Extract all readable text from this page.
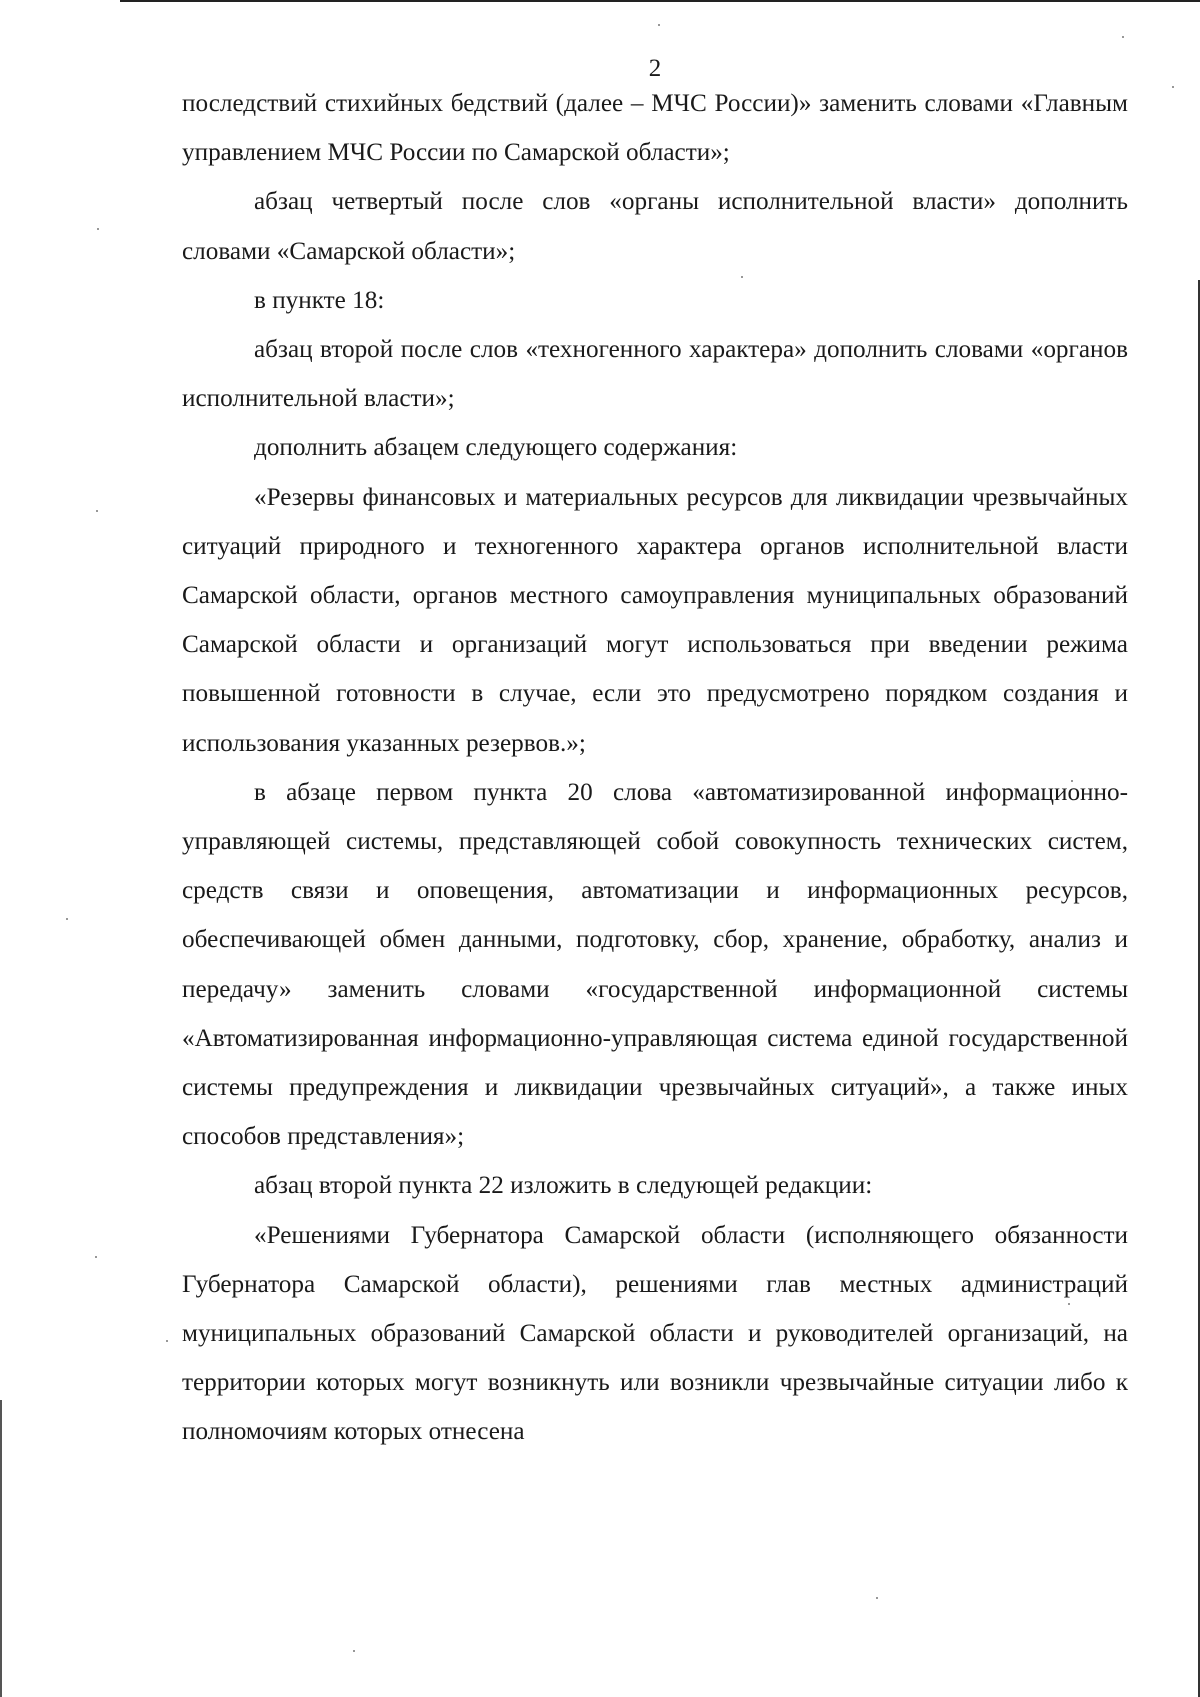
2

последствий стихийных бедствий (далее – МЧС России)» заменить словами «Главным управлением МЧС России по Самарской области»;

абзац четвертый после слов «органы исполнительной власти» дополнить словами «Самарской области»;

в пункте 18:

абзац второй после слов «техногенного характера» дополнить словами «органов исполнительной власти»;

дополнить абзацем следующего содержания:

«Резервы финансовых и материальных ресурсов для ликвидации чрезвычайных ситуаций природного и техногенного характера органов исполнительной власти Самарской области, органов местного самоуправления муниципальных образований Самарской области и организаций могут использоваться при введении режима повышенной готовности в случае, если это предусмотрено порядком создания и использования указанных резервов.»;

в абзаце первом пункта 20 слова «автоматизированной информационно-управляющей системы, представляющей собой совокупность технических систем, средств связи и оповещения, автоматизации и информационных ресурсов, обеспечивающей обмен данными, подготовку, сбор, хранение, обработку, анализ и передачу» заменить словами «государственной информационной системы «Автоматизированная информационно-управляющая система единой государственной системы предупреждения и ликвидации чрезвычайных ситуаций», а также иных способов представления»;

абзац второй пункта 22 изложить в следующей редакции:

«Решениями Губернатора Самарской области (исполняющего обязанности Губернатора Самарской области), решениями глав местных администраций муниципальных образований Самарской области и руководителей организаций, на территории которых могут возникнуть или возникли чрезвычайные ситуации либо к полномочиям которых отнесена
